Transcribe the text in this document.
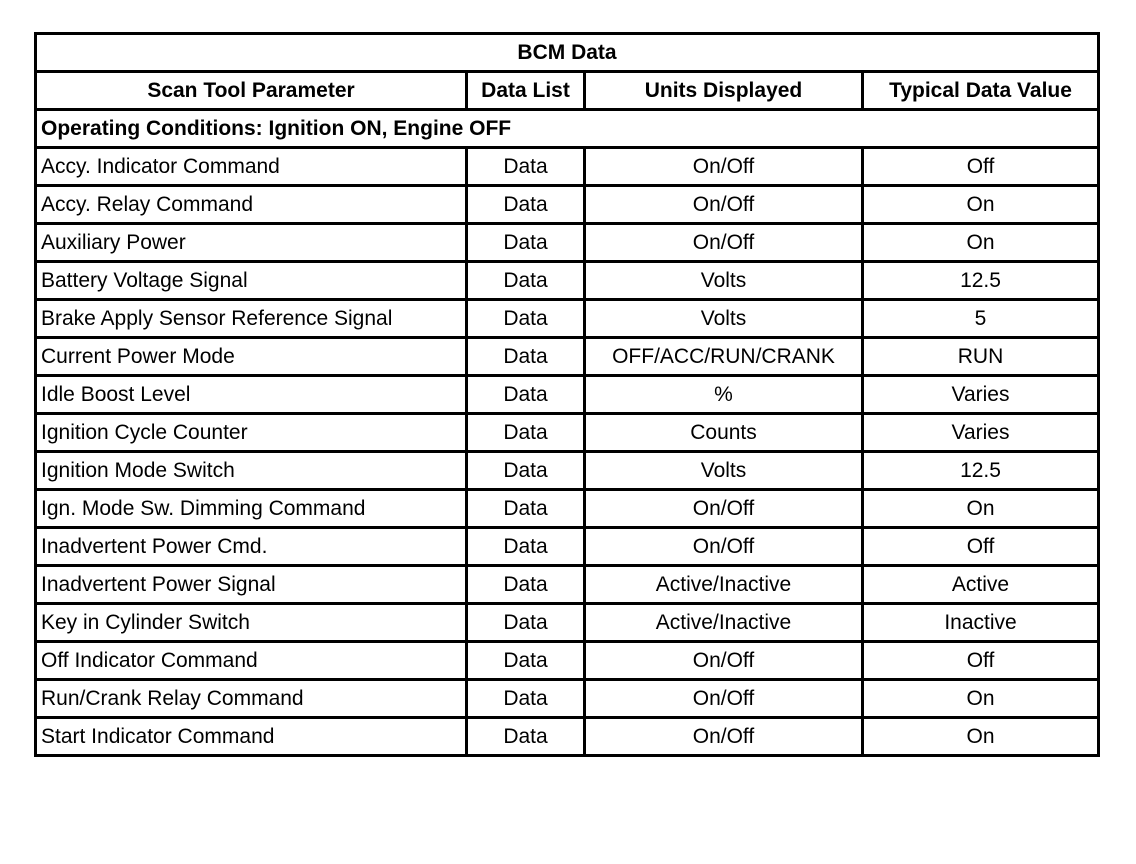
BCM Data			
Scan Tool Parameter	Data List	Units Displayed	Typical Data Value
Operating Conditions: Ignition ON, Engine OFF			
Accy. Indicator Command	Data	On/Off	Off
Accy. Relay Command	Data	On/Off	On
Auxiliary Power	Data	On/Off	On
Battery Voltage Signal	Data	Volts	12.5
Brake Apply Sensor Reference Signal	Data	Volts	5
Current Power Mode	Data	OFF/ACC/RUN/CRANK	RUN
Idle Boost Level	Data	%	Varies
Ignition Cycle Counter	Data	Counts	Varies
Ignition Mode Switch	Data	Volts	12.5
Ign. Mode Sw. Dimming Command	Data	On/Off	On
Inadvertent Power Cmd.	Data	On/Off	Off
Inadvertent Power Signal	Data	Active/Inactive	Active
Key in Cylinder Switch	Data	Active/Inactive	Inactive
Off Indicator Command	Data	On/Off	Off
Run/Crank Relay Command	Data	On/Off	On
Start Indicator Command	Data	On/Off	On
